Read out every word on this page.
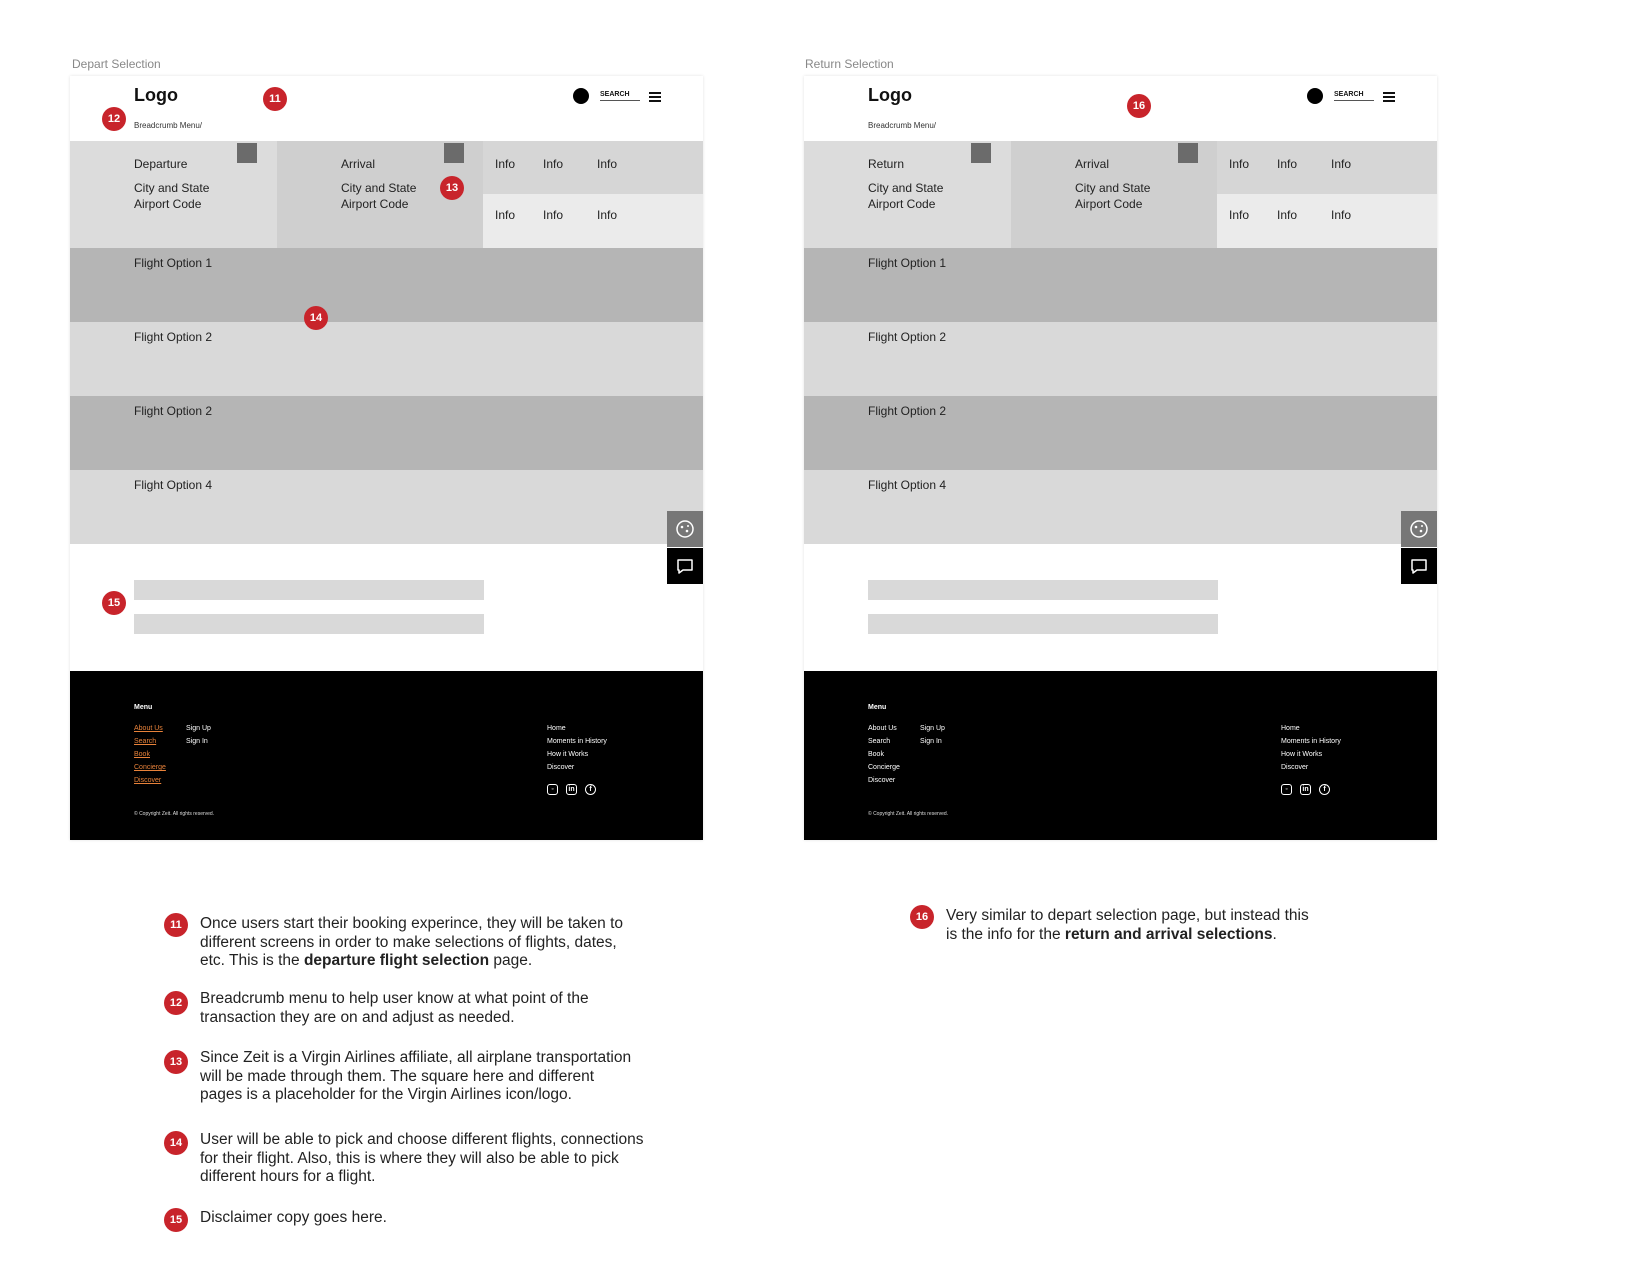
Depart Selection
Logo
Breadcrumb Menu/
SEARCH
Departure
City and State
Airport Code
Arrival
City and State
Airport Code
Info Info	Info
Info Info	Info
Flight Option 1
Flight Option 2
Flight Option 2
Flight Option 4
Menu
About Us
Search
Book
Concierge
Discover
Sign Up
Sign In
Home
Moments in History
How it Works
Discover
◦	in	f
© Copyright Zeit. All rights reserved.
Return Selection
Logo
Breadcrumb Menu/
SEARCH
Return
City and State
Airport Code
Arrival
City and State
Airport Code
Info Info	Info
Info Info	Info
Flight Option 1
Flight Option 2
Flight Option 2
Flight Option 4
Menu
About Us
Search
Book
Concierge
Discover
Sign Up
Sign In
Home
Moments in History
How it Works
Discover
◦	in	f
© Copyright Zeit. All rights reserved.
11
12
13
14
15
16
11	Once users start their booking experince, they will be taken to
different screens in order to make selections of flights, dates,
etc. This is the departure flight selection page.
12	Breadcrumb menu to help user know at what point of the
transaction they are on and adjust as needed.
13	Since Zeit is a Virgin Airlines affiliate, all airplane transportation
will be made through them. The square here and different
pages is a placeholder for the Virgin Airlines icon/logo.
14	User will be able to pick and choose different flights, connections
for their flight. Also, this is where they will also be able to pick
different hours for a flight.
15	Disclaimer copy goes here.
16	Very similar to depart selection page, but instead this
is the info for the return and arrival selections.
